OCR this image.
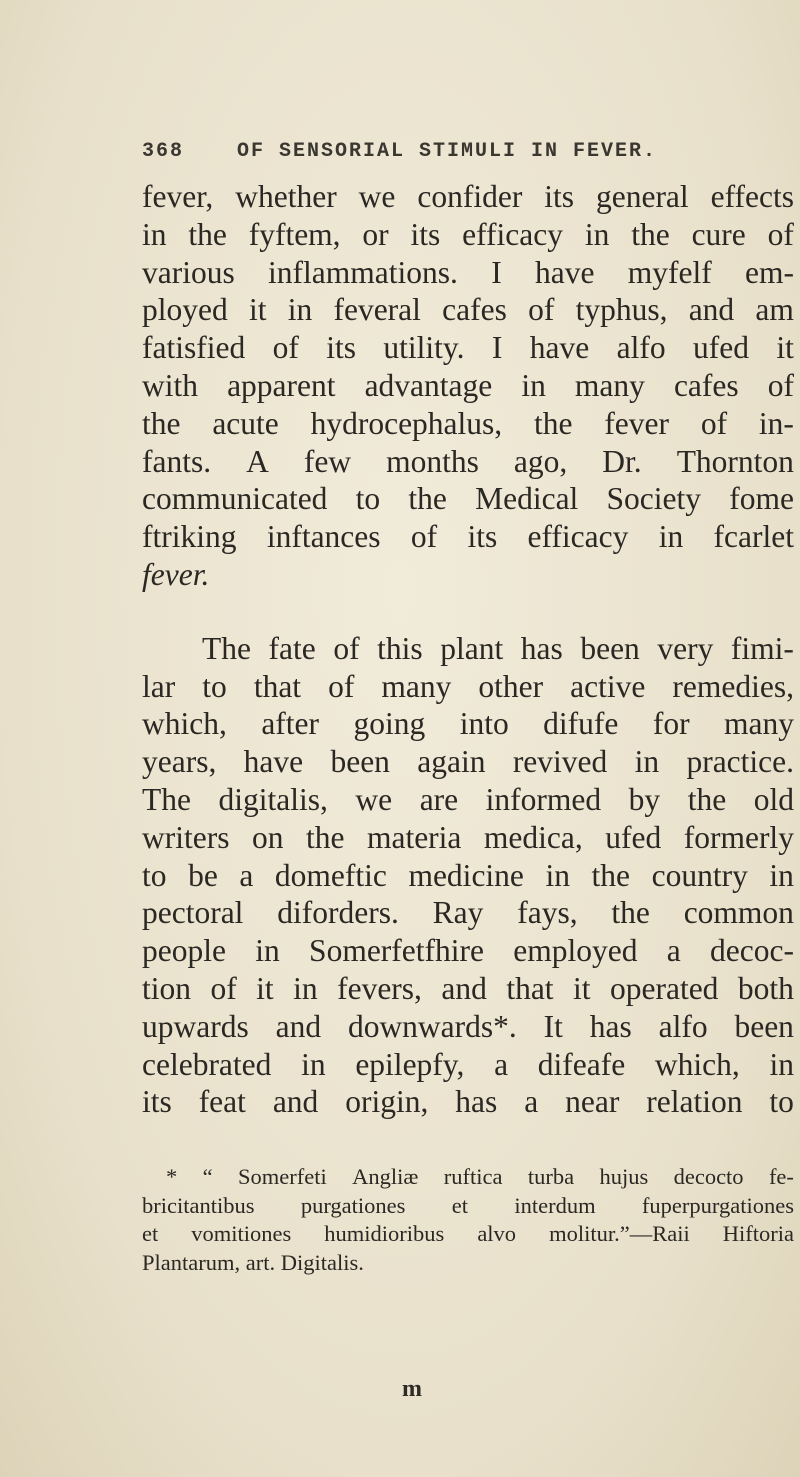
368	OF SENSORIAL STIMULI IN FEVER.
fever, whether we confider its general effects
in the fyftem, or its efficacy in the cure of
various inflammations. I have myfelf em-
ployed it in feveral cafes of typhus, and am
fatisfied of its utility. I have alfo ufed it
with apparent advantage in many cafes of
the acute hydrocephalus, the fever of in-
fants. A few months ago, Dr. Thornton
communicated to the Medical Society fome
ftriking inftances of its efficacy in fcarlet
fever.
The fate of this plant has been very fimi-
lar to that of many other active remedies,
which, after going into difufe for many
years, have been again revived in practice.
The digitalis, we are informed by the old
writers on the materia medica, ufed formerly
to be a domeftic medicine in the country in
pectoral diforders. Ray fays, the common
people in Somerfetfhire employed a decoc-
tion of it in fevers, and that it operated both
upwards and downwards*. It has alfo been
celebrated in epilepfy, a difeafe which, in
its feat and origin, has a near relation to
* “ Somerfeti Angliæ ruftica turba hujus decocto fe-
bricitantibus purgationes et interdum fuperpurgationes
et vomitiones humidioribus alvo molitur.”—Raii Hiftoria
Plantarum, art. Digitalis.
m
